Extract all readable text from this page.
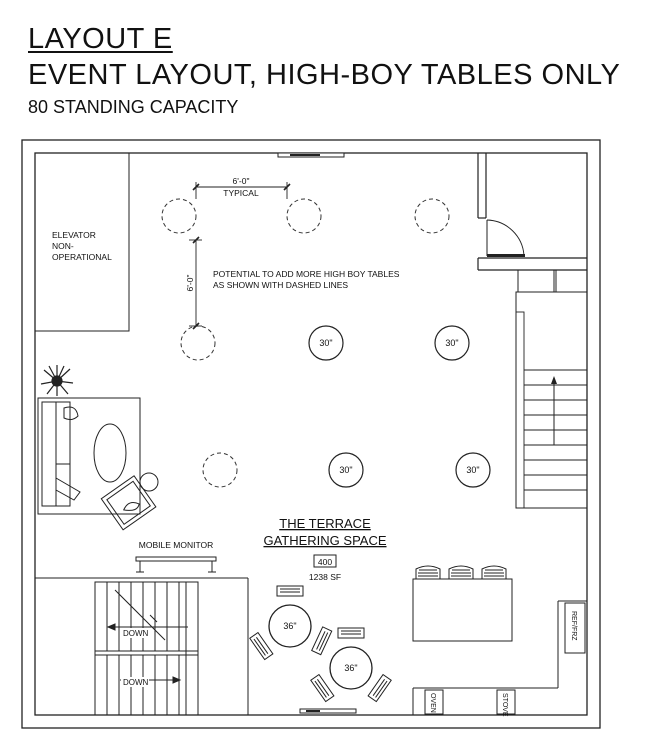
LAYOUT E
EVENT LAYOUT, HIGH-BOY TABLES ONLY
80 STANDING CAPACITY
ELEVATOR
NON-
OPERATIONAL
6'-0"
TYPICAL
6'-0"
POTENTIAL TO ADD MORE HIGH BOY TABLES
AS SHOWN WITH DASHED LINES
30"	30"
30"	30"
THE TERRACE
GATHERING SPACE
400
1238 SF
MOBILE MONITOR
DOWN
DOWN
36"
36"
REF/FRZ
OVEN	STOVE
